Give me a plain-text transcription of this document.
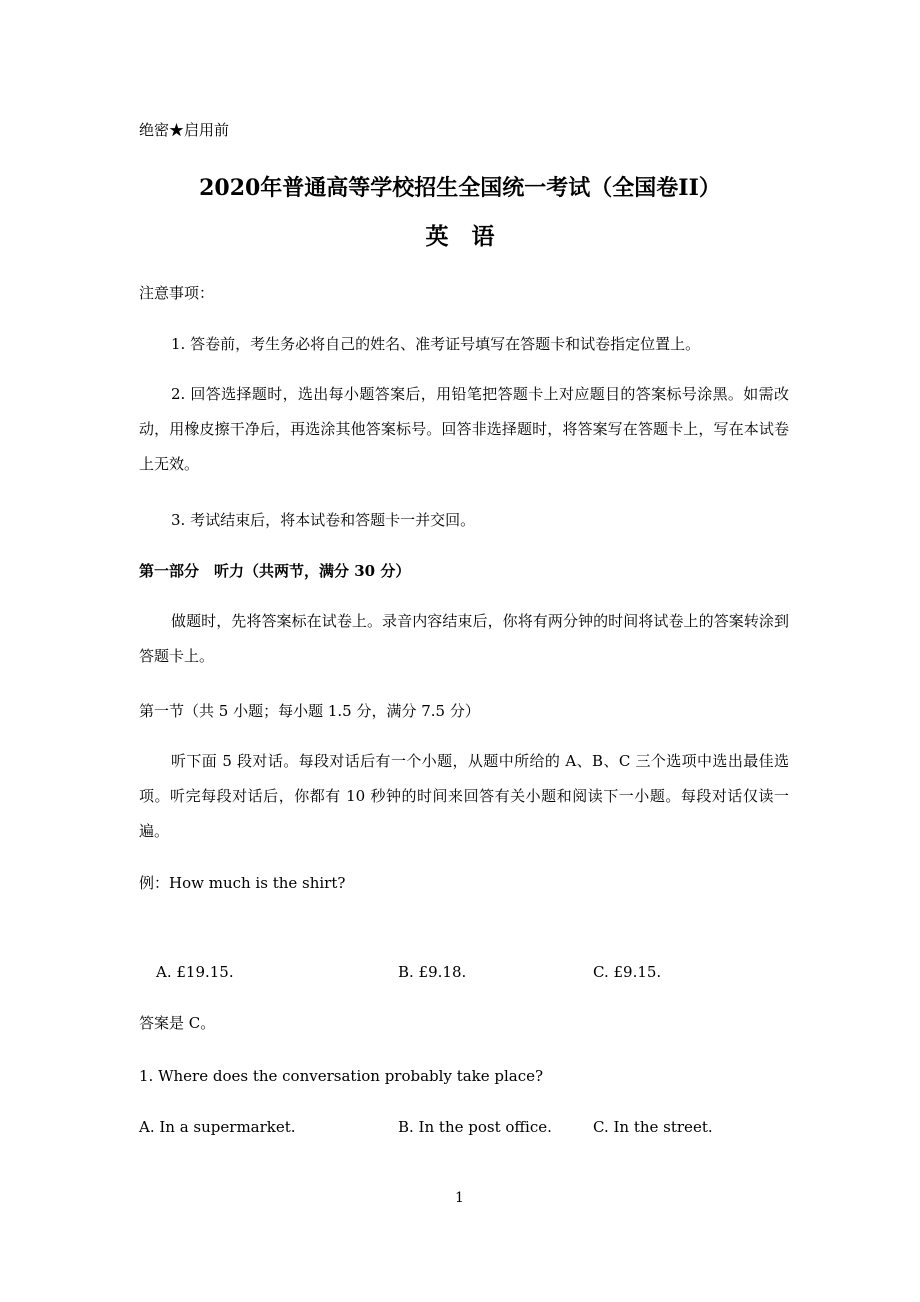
绝密★启用前
2020年普通高等学校招生全国统一考试（全国卷II）
英　语
注意事项：
1. 答卷前，考生务必将自己的姓名、准考证号填写在答题卡和试卷指定位置上。
2. 回答选择题时，选出每小题答案后，用铅笔把答题卡上对应题目的答案标号涂黑。如需改动，用橡皮擦干净后，再选涂其他答案标号。回答非选择题时，将答案写在答题卡上，写在本试卷上无效。
3. 考试结束后，将本试卷和答题卡一并交回。
第一部分　听力（共两节，满分 30 分）
做题时，先将答案标在试卷上。录音内容结束后，你将有两分钟的时间将试卷上的答案转涂到答题卡上。
第一节（共 5 小题；每小题 1.5 分，满分 7.5 分）
听下面 5 段对话。每段对话后有一个小题，从题中所给的 A、B、C 三个选项中选出最佳选项。听完每段对话后，你都有 10 秒钟的时间来回答有关小题和阅读下一小题。每段对话仅读一遍。
例：How much is the shirt?
A. £19.15.	B. £9.18.	C. £9.15.
答案是 C。
1. Where does the conversation probably take place?
A. In a supermarket.	B. In the post office.	C. In the street.
1
